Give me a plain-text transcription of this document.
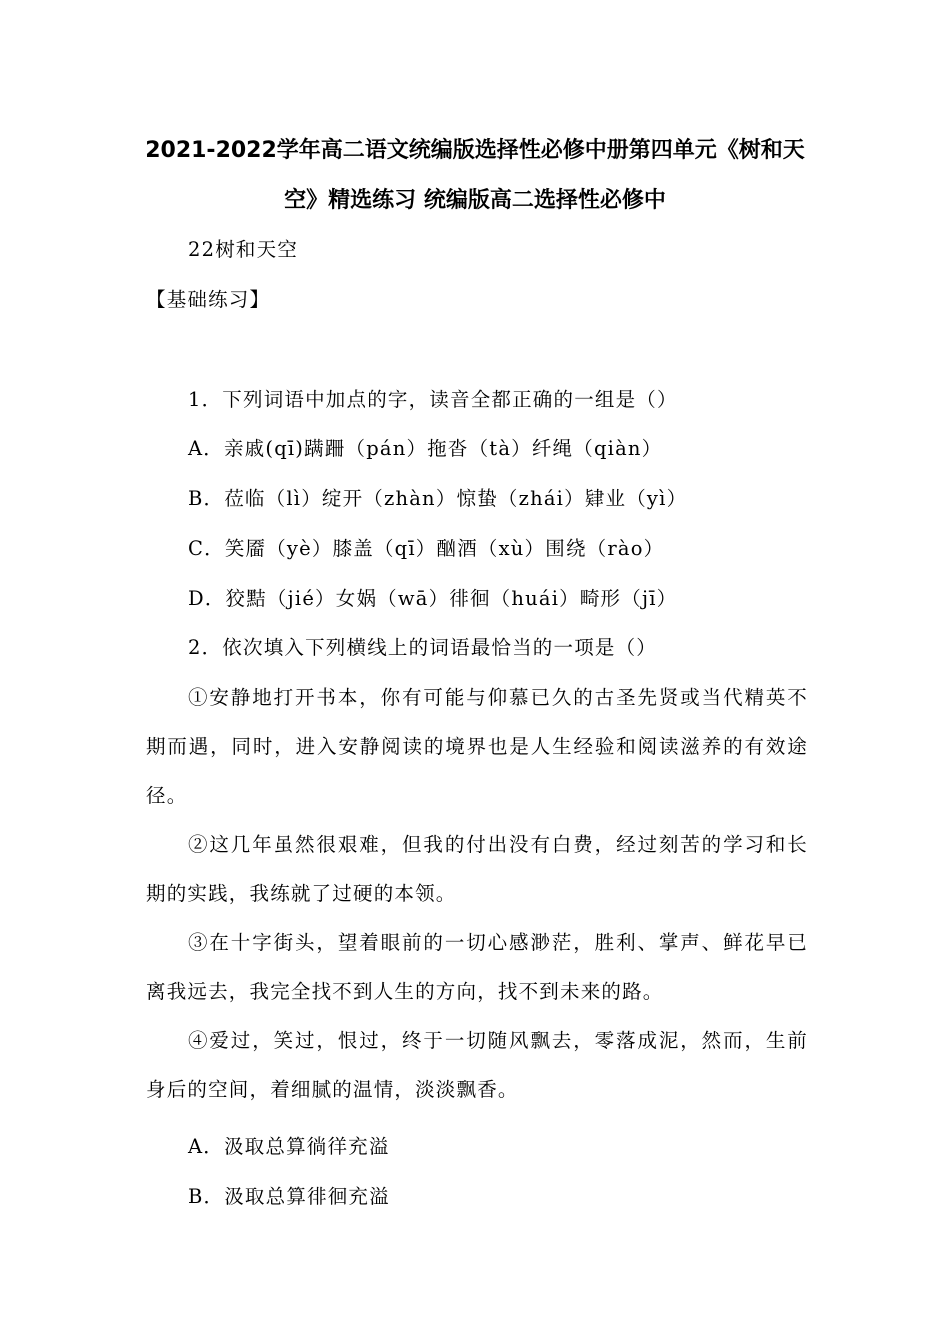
2021-2022学年高二语文统编版选择性必修中册第四单元《树和天
空》精选练习 统编版高二选择性必修中
22树和天空
【基础练习】
1．下列词语中加点的字，读音全都正确的一组是（）
A．亲戚(qī)蹒跚（pán）拖沓（tà）纤绳（qiàn）
B．莅临（lì）绽开（zhàn）惊蛰（zhái）肄业（yì）
C．笑靥（yè）膝盖（qī）酗酒（xù）围绕（rào）
D．狡黠（jié）女娲（wā）徘徊（huái）畸形（jī）
2．依次填入下列横线上的词语最恰当的一项是（）
①安静地打开书本，你有可能与仰慕已久的古圣先贤或当代精英不期而遇，同时，进入安静阅读的境界也是人生经验和阅读滋养的有效途径。
②这几年虽然很艰难，但我的付出没有白费，经过刻苦的学习和长期的实践，我练就了过硬的本领。
③在十字街头，望着眼前的一切心感渺茫，胜利、掌声、鲜花早已离我远去，我完全找不到人生的方向，找不到未来的路。
④爱过，笑过，恨过，终于一切随风飘去，零落成泥，然而，生前身后的空间，着细腻的温情，淡淡飘香。
A．汲取总算徜徉充溢
B．汲取总算徘徊充溢
